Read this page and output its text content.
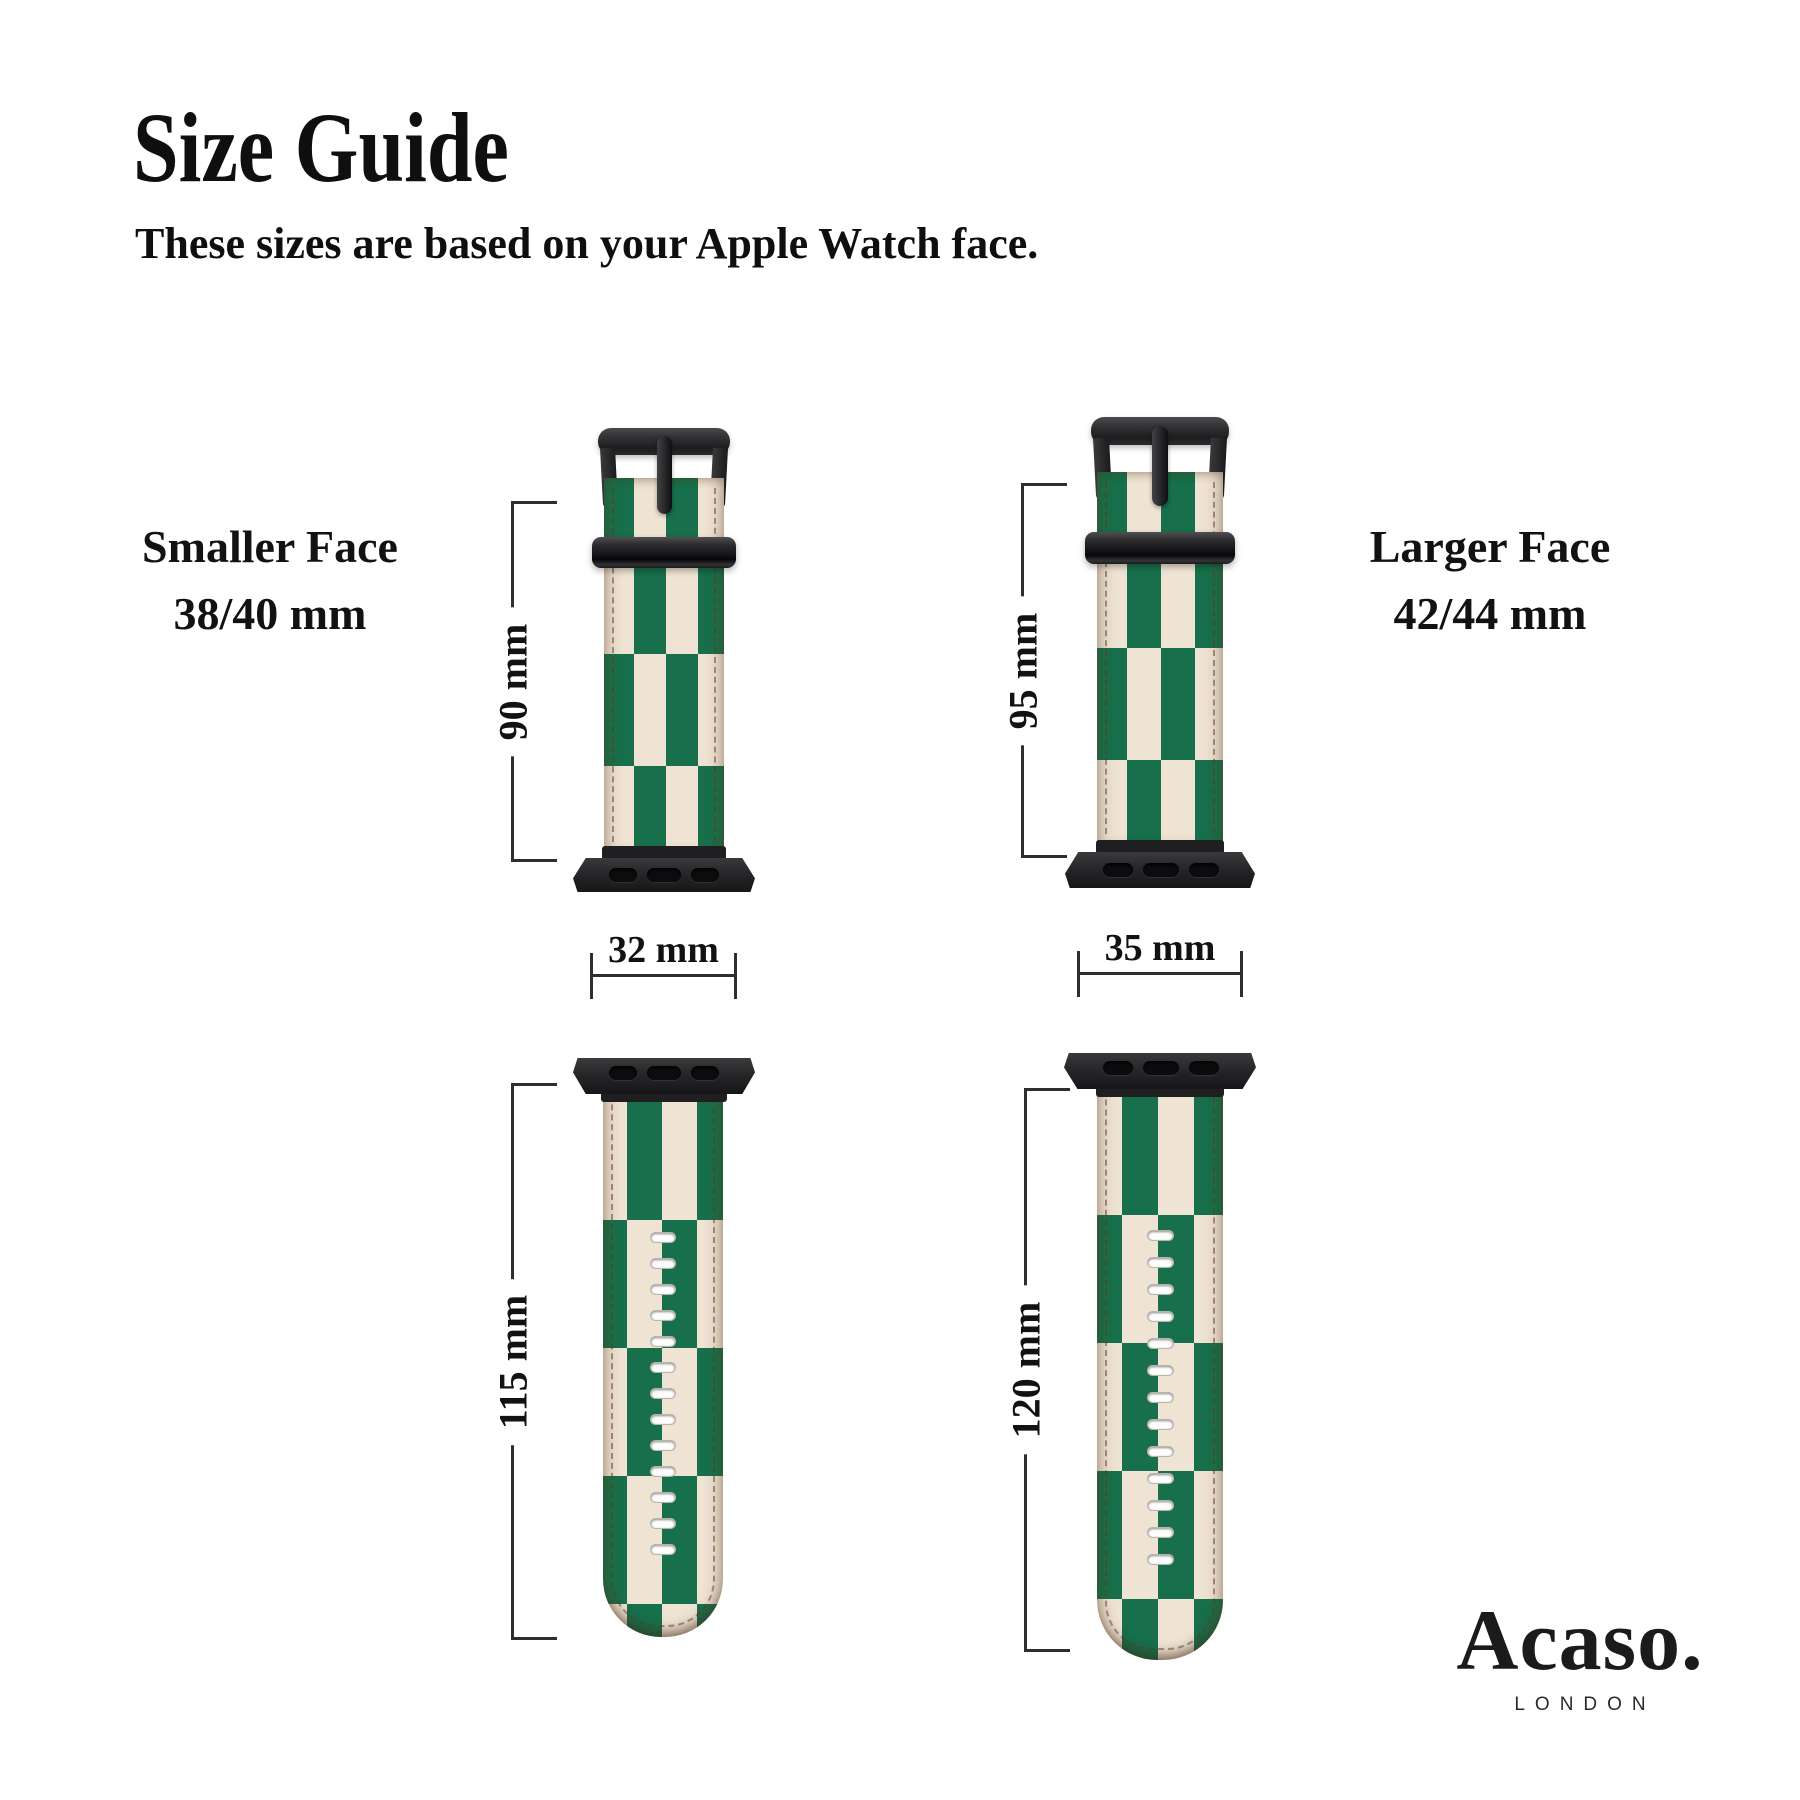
Size Guide
These sizes are based on your Apple Watch face.
Smaller Face
38/40 mm
Larger Face
42/44 mm
90 mm
32 mm
95 mm
35 mm
115 mm	120 mm
Acaso.
LONDON
